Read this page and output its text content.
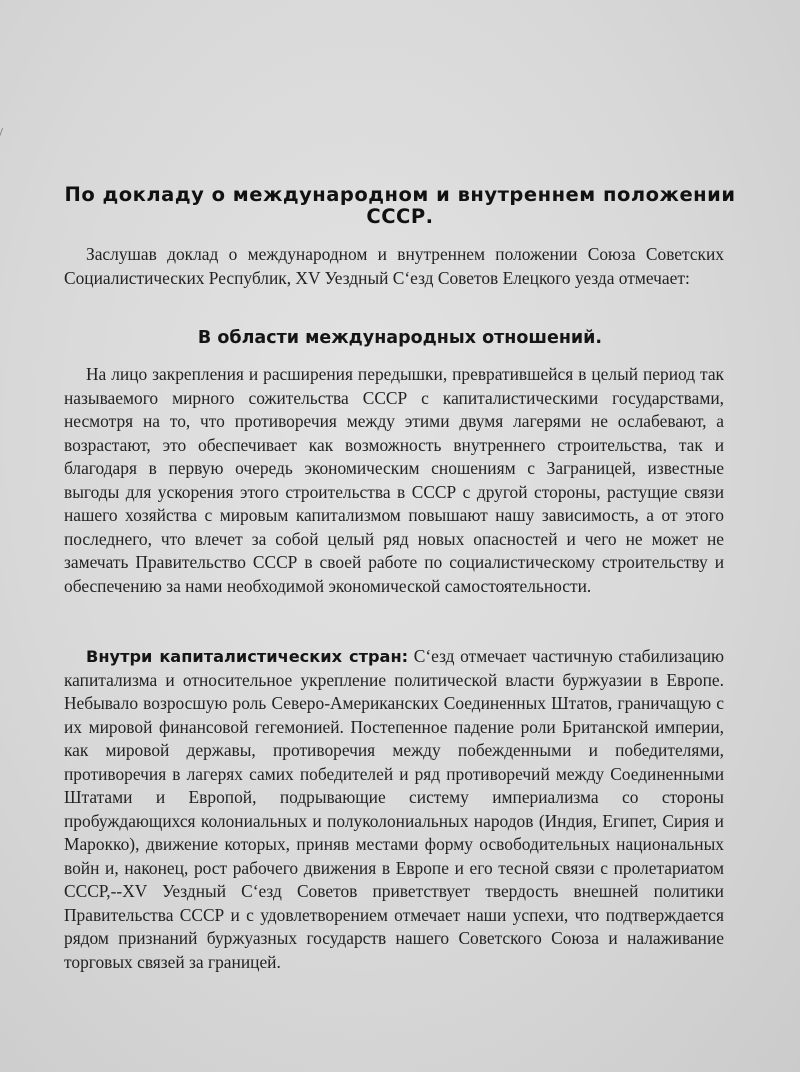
По докладу о международном и внутреннем положении СССР.

Заслушав доклад о международном и внутреннем положении Союза Советских Социалистических Республик, XV Уездный С‘езд Советов Елецкого уезда отмечает:

В области международных отношений.

На лицо закрепления и расширения передышки, превратившейся в целый период так называемого мирного сожительства СССР с капиталистическими государствами, несмотря на то, что противоречия между этими двумя лагерями не ослабевают, а возрастают, это обеспечивает как возможность внутреннего строительства, так и благодаря в первую очередь экономическим сношениям с Заграницей, известные выгоды для ускорения этого строительства в СССР с другой стороны, растущие связи нашего хозяйства с мировым капитализмом повышают нашу зависимость, а от этого последнего, что влечет за собой целый ряд новых опасностей и чего не может не замечать Правительство СССР в своей работе по социалистическому строительству и обеспечению за нами необходимой экономической самостоятельности.

Внутри капиталистических стран: С‘езд отмечает частичную стабилизацию капитализма и относительное укрепление политической власти буржуазии в Европе. Небывало возросшую роль Северо-Американских Соединенных Штатов, граничащую с их мировой финансовой гегемонией. Постепенное падение роли Британской империи, как мировой державы, противоречия между побежденными и победителями, противоречия в лагерях самих победителей и ряд противоречий между Соединенными Штатами и Европой, подрывающие систему империализма со стороны пробуждающихся колониальных и полуколониальных народов (Индия, Египет, Сирия и Марокко), движение которых, приняв местами форму освободительных национальных войн и, наконец, рост рабочего движения в Европе и его тесной связи с пролетариатом СССР,--XV Уездный С‘езд Советов приветствует твердость внешней политики Правительства СССР и с удовлетворением отмечает наши успехи, что подтверждается рядом признаний буржуазных государств нашего Советского Союза и налаживание торговых связей за границей.
